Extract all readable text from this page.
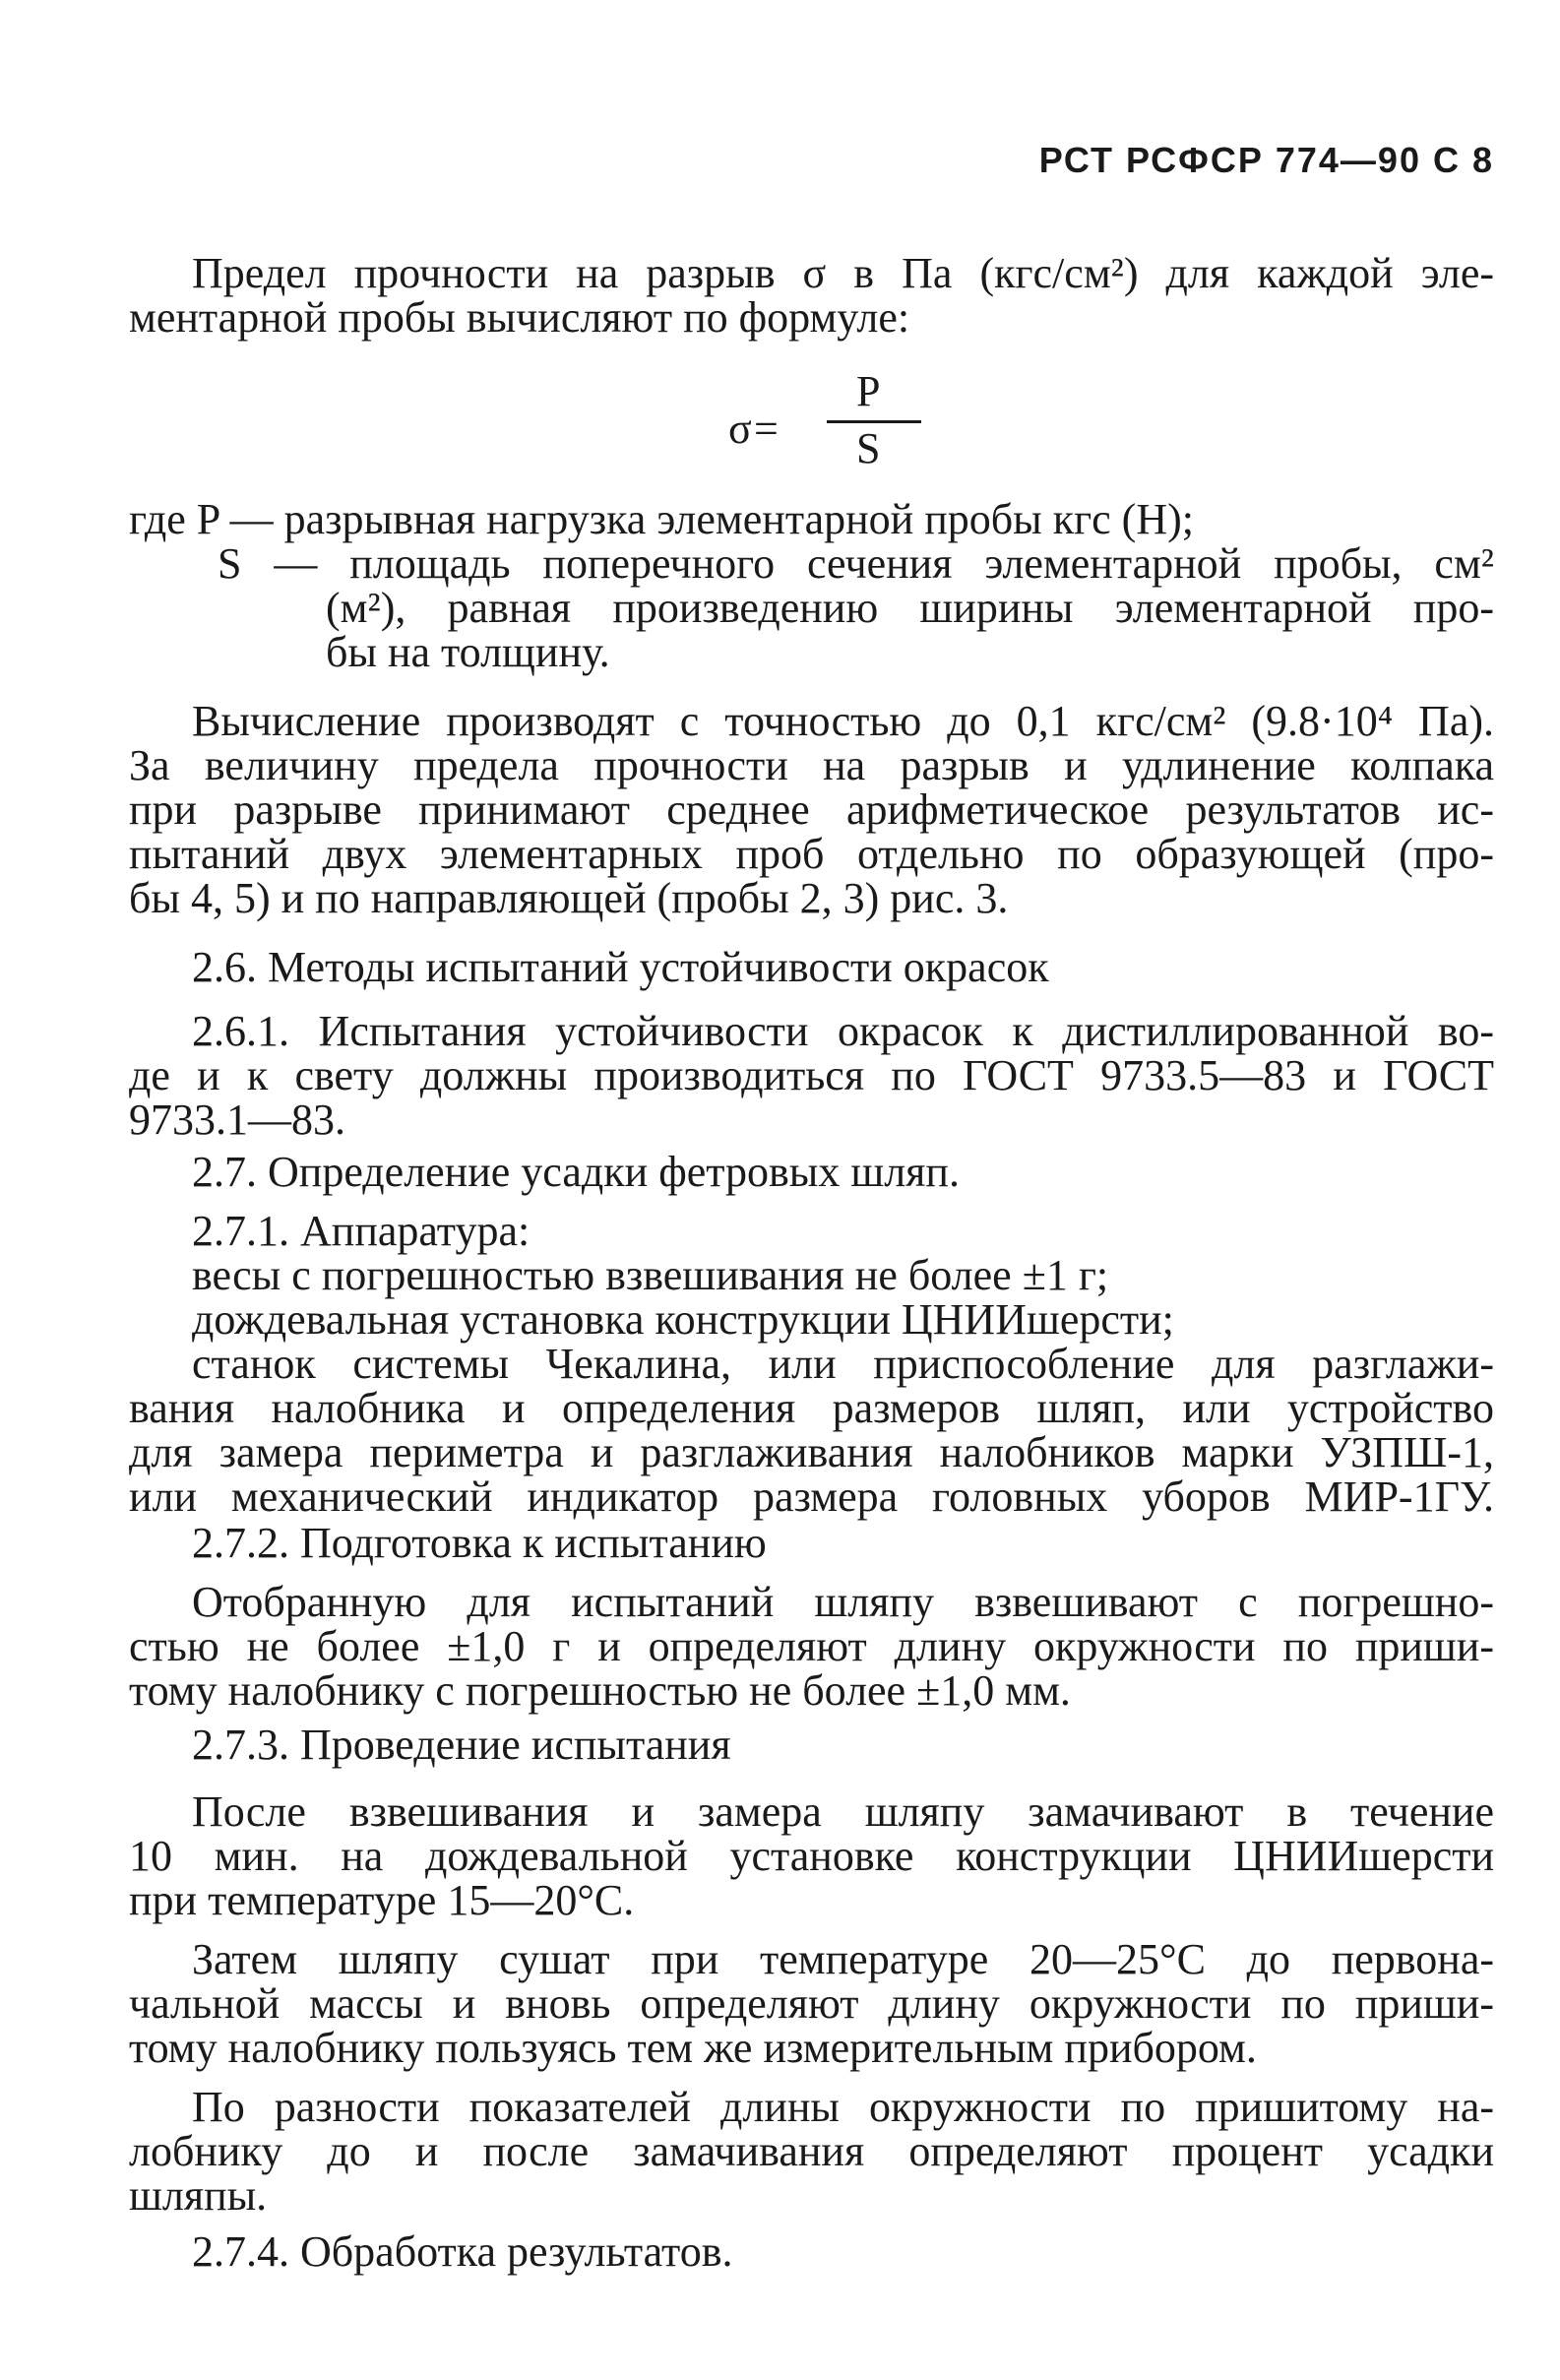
РСТ РСФСР 774—90 С 8
Предел прочности на разрыв σ в Па (кгс/см²) для каждой эле-
ментарной пробы вычисляют по формуле:
σ =
P
S
где P — разрывная нагрузка элементарной пробы кгс (Н);
S — площадь поперечного сечения элементарной пробы, см²
(м²), равная произведению ширины элементарной про-
бы на толщину.
Вычисление производят с точностью до 0,1 кгс/см² (9.8·10⁴ Па).
За величину предела прочности на разрыв и удлинение колпака
при разрыве принимают среднее арифметическое результатов ис-
пытаний двух элементарных проб отдельно по образующей (про-
бы 4, 5) и по направляющей (пробы 2, 3) рис. 3.
2.6. Методы испытаний устойчивости окрасок
2.6.1. Испытания устойчивости окрасок к дистиллированной во-
де и к свету должны производиться по ГОСТ 9733.5—83 и ГОСТ
9733.1—83.
2.7. Определение усадки фетровых шляп.
2.7.1. Аппаратура:
весы с погрешностью взвешивания не более ±1 г;
дождевальная установка конструкции ЦНИИшерсти;
станок системы Чекалина, или приспособление для разглажи-
вания налобника и определения размеров шляп, или устройство
для замера периметра и разглаживания налобников марки УЗПШ-1,
или механический индикатор размера головных уборов МИР-1ГУ.
2.7.2. Подготовка к испытанию
Отобранную для испытаний шляпу взвешивают с погрешно-
стью не более ±1,0 г и определяют длину окружности по приши-
тому налобнику с погрешностью не более ±1,0 мм.
2.7.3. Проведение испытания
После взвешивания и замера шляпу замачивают в течение
10 мин. на дождевальной установке конструкции ЦНИИшерсти
при температуре 15—20°С.
Затем шляпу сушат при температуре 20—25°С до первона-
чальной массы и вновь определяют длину окружности по приши-
тому налобнику пользуясь тем же измерительным прибором.
По разности показателей длины окружности по пришитому на-
лобнику до и после замачивания определяют процент усадки
шляпы.
2.7.4. Обработка результатов.
